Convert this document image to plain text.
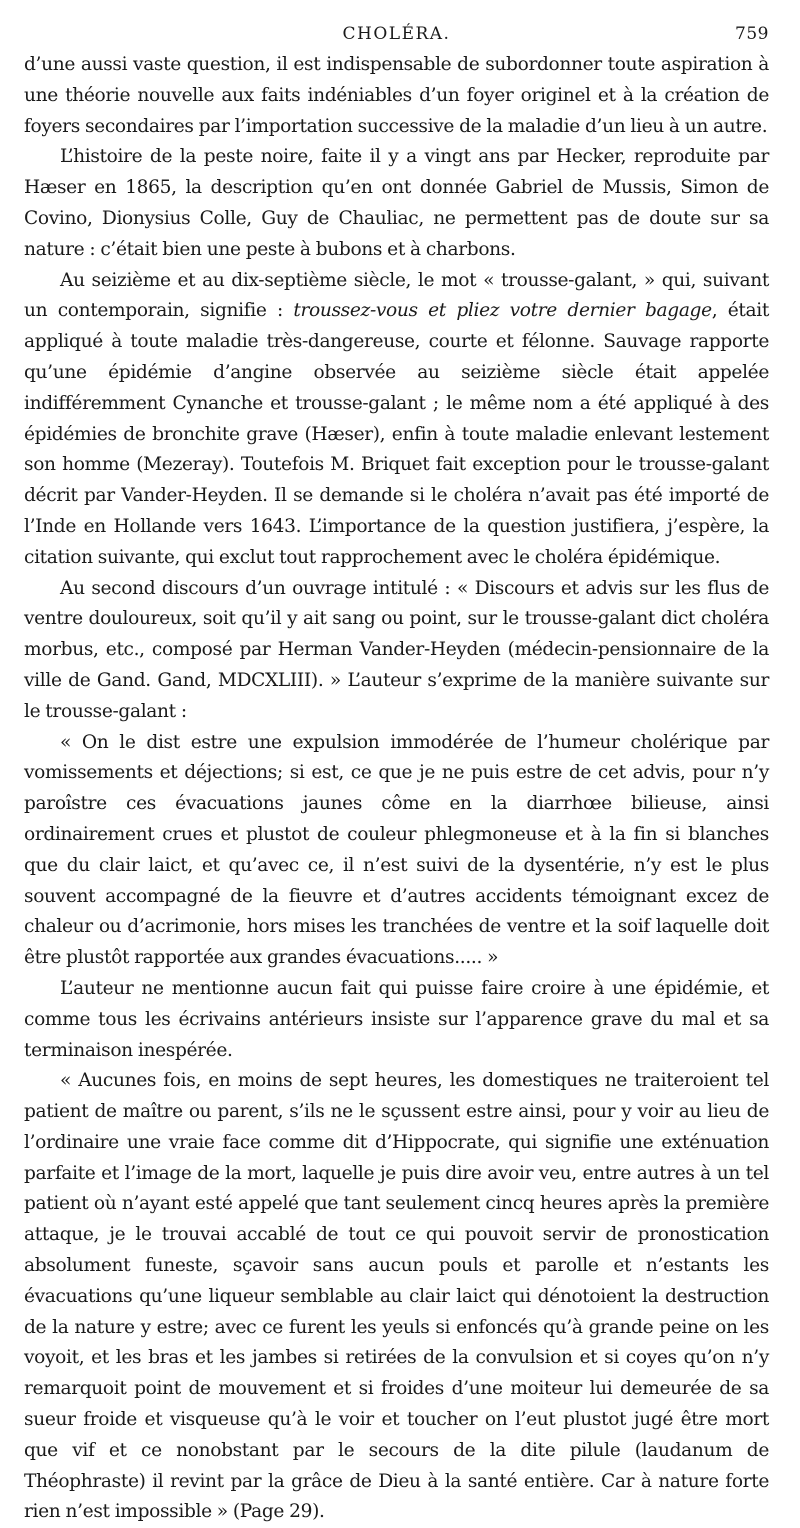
CHOLÉRA.	759

d’une aussi vaste question, il est indispensable de subordonner toute aspiration à une théorie nouvelle aux faits indéniables d’un foyer originel et à la création de foyers secondaires par l’importation successive de la maladie d’un lieu à un autre.

L’histoire de la peste noire, faite il y a vingt ans par Hecker, reproduite par Hæser en 1865, la description qu’en ont donnée Gabriel de Mussis, Simon de Covino, Dionysius Colle, Guy de Chauliac, ne permettent pas de doute sur sa nature : c’était bien une peste à bubons et à charbons.

Au seizième et au dix-septième siècle, le mot « trousse-galant, » qui, suivant un contemporain, signifie : troussez-vous et pliez votre dernier bagage, était appliqué à toute maladie très-dangereuse, courte et félonne. Sauvage rapporte qu’une épidémie d’angine observée au seizième siècle était appelée indifféremment Cynanche et trousse-galant ; le même nom a été appliqué à des épidémies de bronchite grave (Hæser), enfin à toute maladie enlevant lestement son homme (Mezeray). Toutefois M. Briquet fait exception pour le trousse-galant décrit par Vander-Heyden. Il se demande si le choléra n’avait pas été importé de l’Inde en Hollande vers 1643. L’importance de la question justifiera, j’espère, la citation suivante, qui exclut tout rapprochement avec le choléra épidémique.

Au second discours d’un ouvrage intitulé : « Discours et advis sur les flus de ventre douloureux, soit qu’il y ait sang ou point, sur le trousse-galant dict choléra morbus, etc., composé par Herman Vander-Heyden (médecin-pensionnaire de la ville de Gand. Gand, MDCXLIII). » L’auteur s’exprime de la manière suivante sur le trousse-galant :

« On le dist estre une expulsion immodérée de l’humeur cholérique par vomissements et déjections; si est, ce que je ne puis estre de cet advis, pour n’y paroîstre ces évacuations jaunes côme en la diarrhœe bilieuse, ainsi ordinairement crues et plustot de couleur phlegmoneuse et à la fin si blanches que du clair laict, et qu’avec ce, il n’est suivi de la dysentérie, n’y est le plus souvent accompagné de la fieuvre et d’autres accidents témoignant excez de chaleur ou d’acrimonie, hors mises les tranchées de ventre et la soif laquelle doit être plustôt rapportée aux grandes évacuations..... »

L’auteur ne mentionne aucun fait qui puisse faire croire à une épidémie, et comme tous les écrivains antérieurs insiste sur l’apparence grave du mal et sa terminaison inespérée.

« Aucunes fois, en moins de sept heures, les domestiques ne traiteroient tel patient de maître ou parent, s’ils ne le sçussent estre ainsi, pour y voir au lieu de l’ordinaire une vraie face comme dit d’Hippocrate, qui signifie une exténuation parfaite et l’image de la mort, laquelle je puis dire avoir veu, entre autres à un tel patient où n’ayant esté appelé que tant seulement cincq heures après la première attaque, je le trouvai accablé de tout ce qui pouvoit servir de pronostication absolument funeste, sçavoir sans aucun pouls et parolle et n’estants les évacuations qu’une liqueur semblable au clair laict qui dénotoient la destruction de la nature y estre; avec ce furent les yeuls si enfoncés qu’à grande peine on les voyoit, et les bras et les jambes si retirées de la convulsion et si coyes qu’on n’y remarquoit point de mouvement et si froides d’une moiteur lui demeurée de sa sueur froide et visqueuse qu’à le voir et toucher on l’eut plustot jugé être mort que vif et ce nonobstant par le secours de la dite pilule (laudanum de Théophraste) il revint par la grâce de Dieu à la santé entière. Car à nature forte rien n’est impossible » (Page 29).
